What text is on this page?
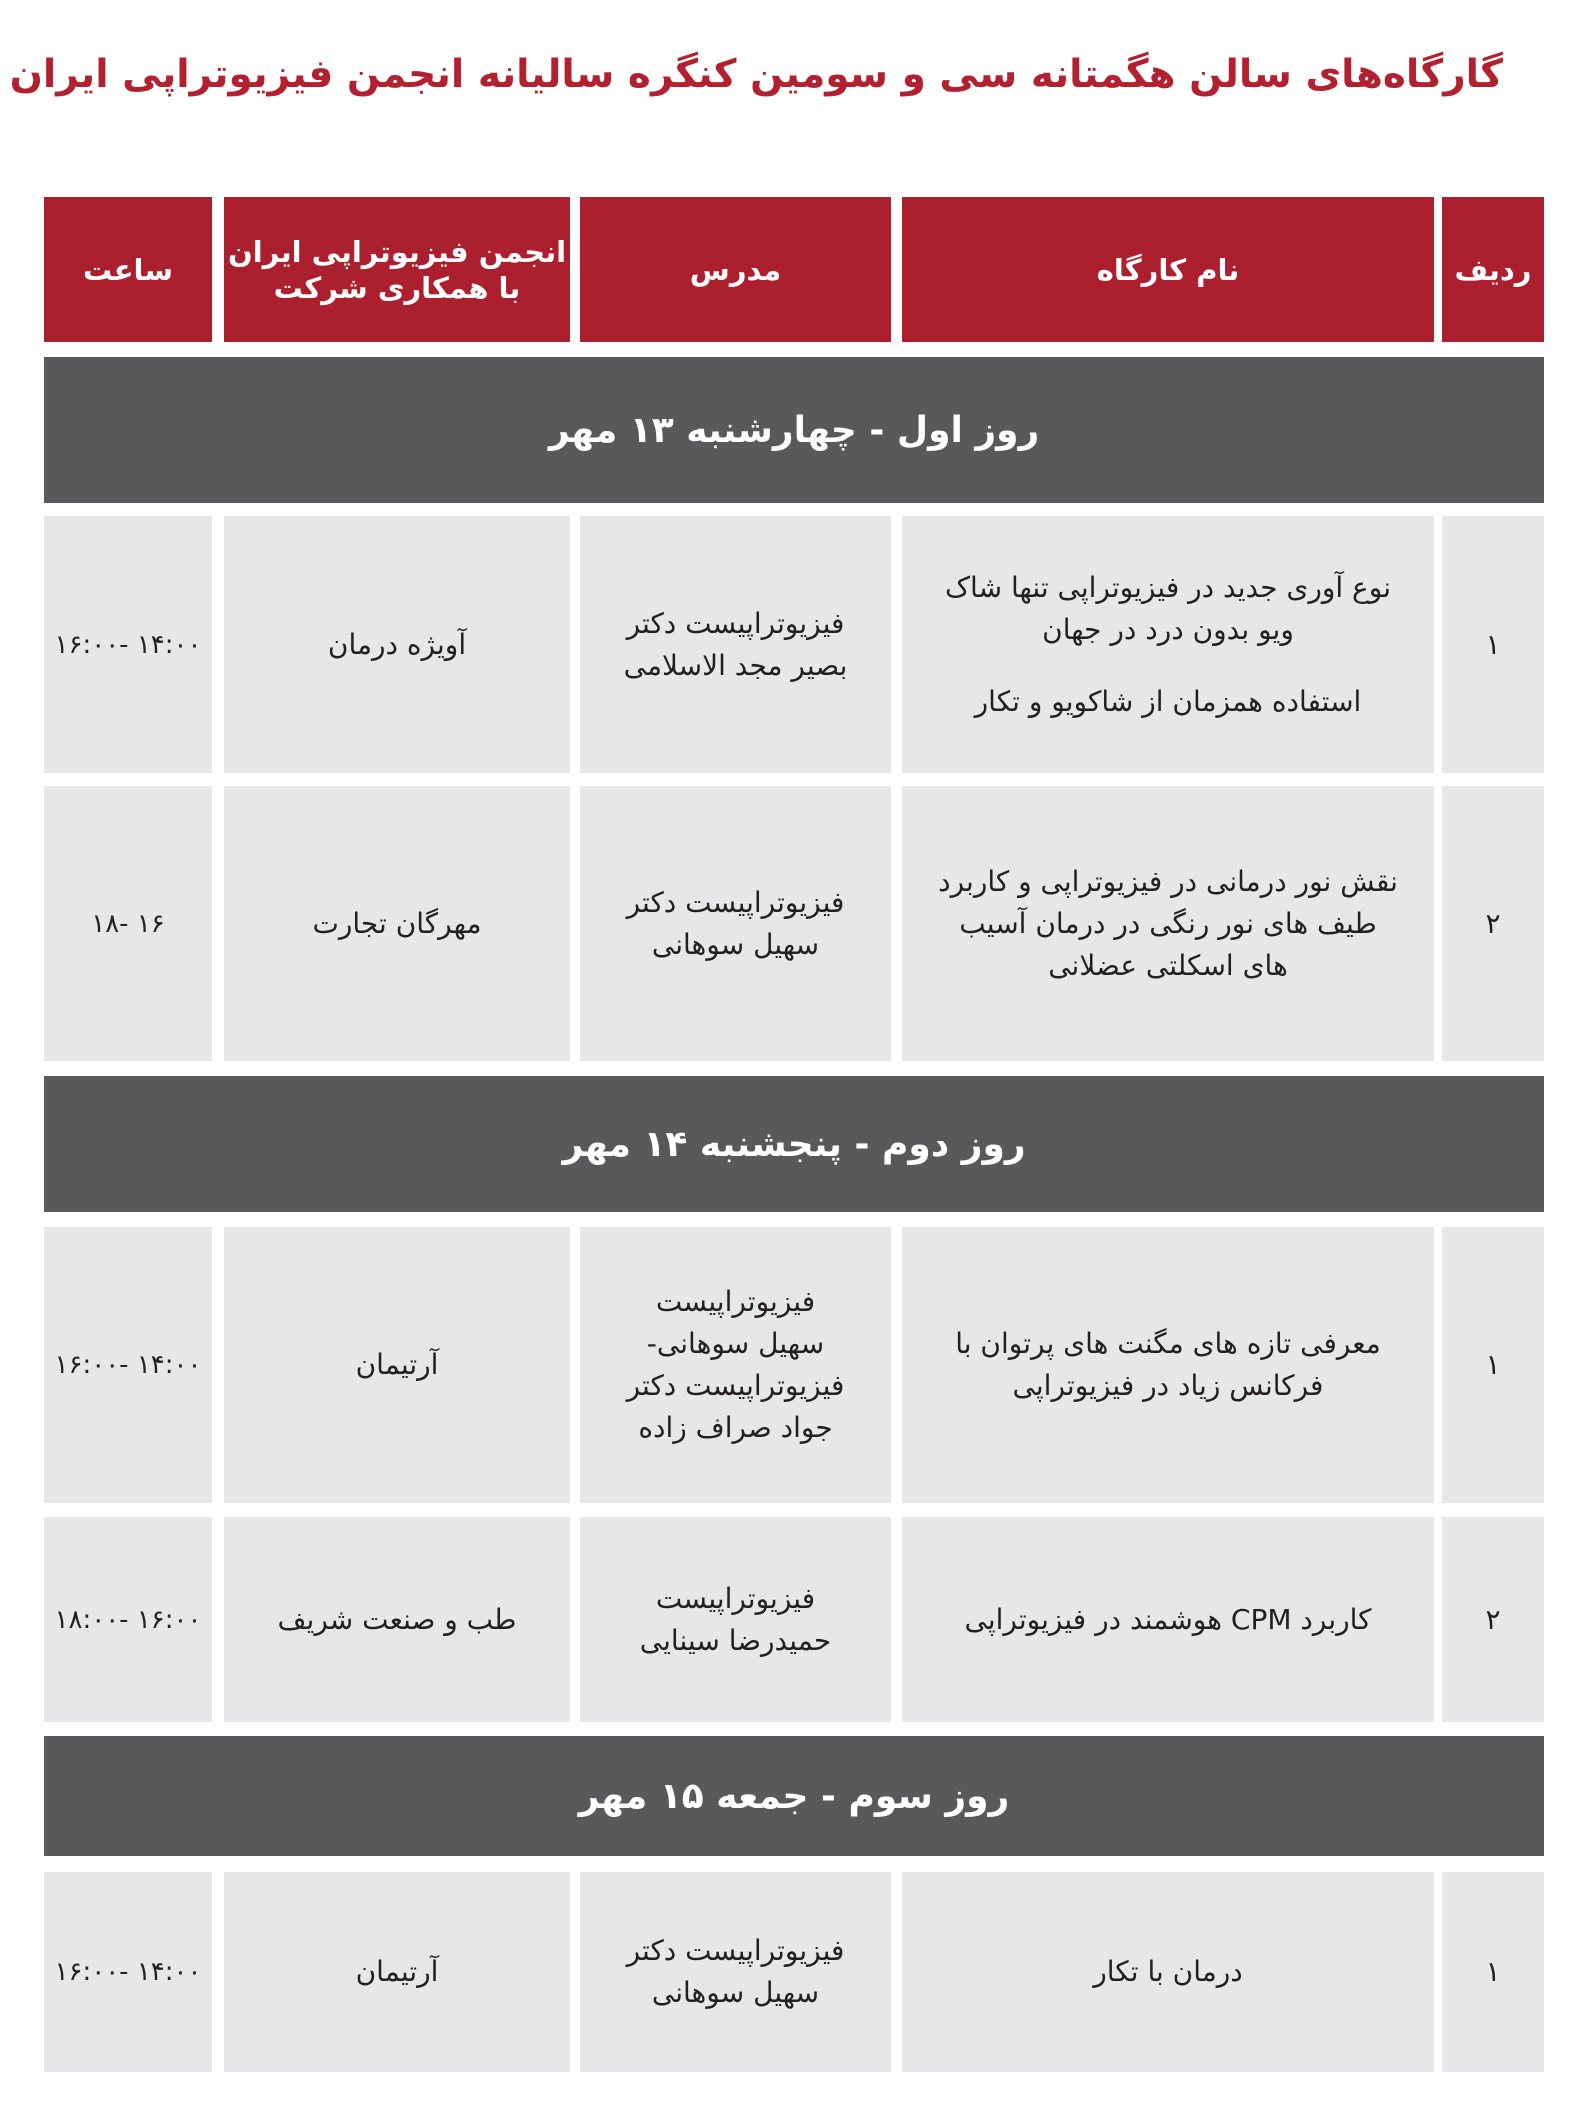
گارگاه‌های سالن هگمتانه سی و سومین کنگره سالیانه انجمن فیزیوتراپی ایران
ردیف
نام کارگاه
مدرس
انجمن فیزیوتراپی ایران
با همکاری شرکت
ساعت
روز اول - چهارشنبه ۱۳ مهر
۱
نوع آوری جدید در فیزیوتراپی تنها شاک
ویو بدون درد در جهان
استفاده همزمان از شاکویو و تکار
فیزیوتراپیست دکتر
بصیر مجد الاسلامی
آویژه درمان
۱۴:۰۰ -۱۶:۰۰
۲
نقش نور درمانی در فیزیوتراپی و کاربرد
طیف های نور رنگی در درمان آسیب
های اسکلتی عضلانی
فیزیوتراپیست دکتر
سهیل سوهانی
مهرگان تجارت
۱۶ -۱۸
روز دوم - پنجشنبه ۱۴ مهر
۱
معرفی تازه های مگنت های پرتوان با
فرکانس زیاد در فیزیوتراپی
فیزیوتراپیست
سهیل سوهانی-
فیزیوتراپیست دکتر
جواد صراف زاده
آرتیمان
۱۴:۰۰ -۱۶:۰۰
۲
کاربرد CPM هوشمند در فیزیوتراپی
فیزیوتراپیست
حمیدرضا سینایی
طب و صنعت شریف
۱۶:۰۰ -۱۸:۰۰
روز سوم - جمعه ۱۵ مهر
۱
درمان با تکار
فیزیوتراپیست دکتر
سهیل سوهانی
آرتیمان
۱۴:۰۰ -۱۶:۰۰
